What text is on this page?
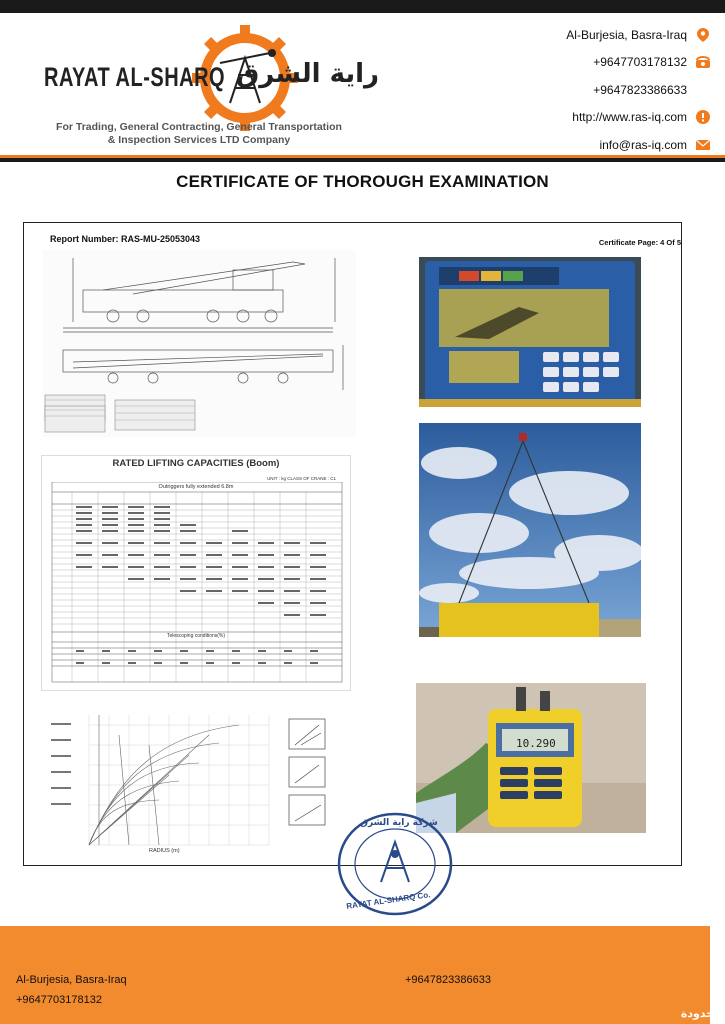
RAYAT AL-SHARQ راية الشرق
For Trading, General Contracting, General Transportation
& Inspection Services LTD Company
Al-Burjesia, Basra-Iraq
+9647703178132
+9647823386633
http://www.ras-iq.com
info@ras-iq.com
CERTIFICATE OF THOROUGH EXAMINATION
Report Number: RAS-MU-25053043	Certificate Page: 4 Of 5
RATED LIFTING CAPACITIES (Boom)
UNIT : kg CLASS OF CRANE : C1
Outriggers fully extended 6.8m
Telescoping conditions(%)
RADIUS (m)
10.290
شركة راية الشرق
RAYAT AL-SHARQ Co.
Al-Burjesia, Basra-Iraq
+9647703178132
+9647823386633
محدودة
